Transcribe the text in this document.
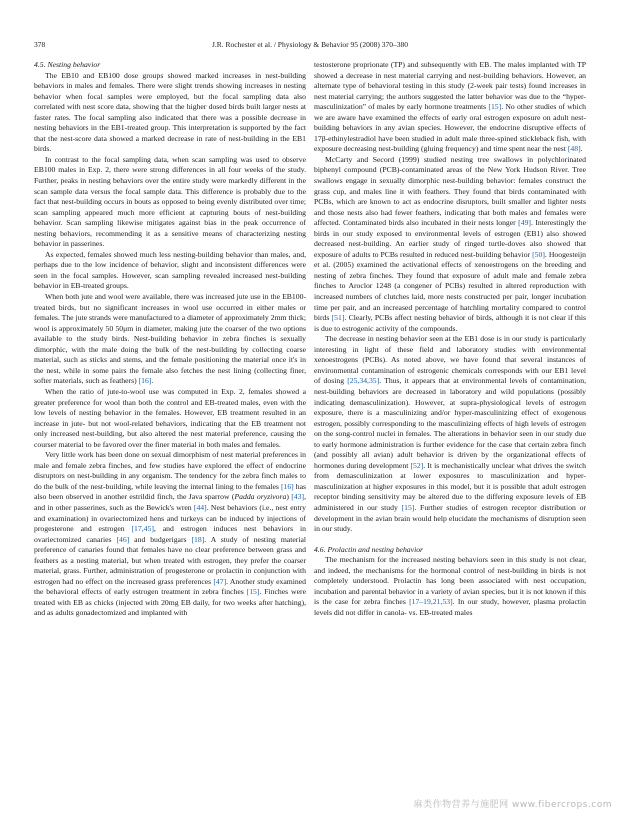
378	J.R. Rochester et al. / Physiology & Behavior 95 (2008) 370–380

4.5. Nesting behavior

The EB10 and EB100 dose groups showed marked increases in nest-building behaviors in males and females. There were slight trends showing increases in nesting behavior when focal samples were employed, but the focal sampling data also correlated with nest score data, showing that the higher dosed birds built larger nests at faster rates. The focal sampling also indicated that there was a possible decrease in nesting behaviors in the EB1-treated group. This interpretation is supported by the fact that the nest-score data showed a marked decrease in rate of nest-building in the EB1 birds.

In contrast to the focal sampling data, when scan sampling was used to observe EB100 males in Exp. 2, there were strong differences in all four weeks of the study. Further, peaks in nesting behaviors over the entire study were markedly different in the scan sample data versus the focal sample data. This difference is probably due to the fact that nest-building occurs in bouts as opposed to being evenly distributed over time; scan sampling appeared much more efficient at capturing bouts of nest-building behavior. Scan sampling likewise mitigates against bias in the peak occurrence of nesting behaviors, recommending it as a sensitive means of characterizing nesting behavior in passerines.

As expected, females showed much less nesting-building behavior than males, and, perhaps due to the low incidence of behavior, slight and inconsistent differences were seen in the focal samples. However, scan sampling revealed increased nest-building behavior in EB-treated groups.

When both jute and wool were available, there was increased jute use in the EB100-treated birds, but no significant increases in wool use occurred in either males or females. The jute strands were manufactured to a diameter of approximately 2mm thick; wool is approximately 50 50μm in diameter, making jute the coarser of the two options available to the study birds. Nest-building behavior in zebra finches is sexually dimorphic, with the male doing the bulk of the nest-building by collecting coarse material, such as sticks and stems, and the female positioning the material once it's in the nest, while in some pairs the female also fetches the nest lining (collecting finer, softer materials, such as feathers) [16].

When the ratio of jute-to-wool use was computed in Exp. 2, females showed a greater preference for wool than both the control and EB-treated males, even with the low levels of nesting behavior in the females. However, EB treatment resulted in an increase in jute- but not wool-related behaviors, indicating that the EB treatment not only increased nest-building, but also altered the nest material preference, causing the courser material to be favored over the finer material in both males and females.

Very little work has been done on sexual dimorphism of nest material preferences in male and female zebra finches, and few studies have explored the effect of endocrine disruptors on nest-building in any organism. The tendency for the zebra finch males to do the bulk of the nest-building, while leaving the internal lining to the females [16] has also been observed in another estrildid finch, the Java sparrow (Padda oryzivora) [43], and in other passerines, such as the Bewick's wren [44]. Nest behaviors (i.e., nest entry and examination) in ovariectomized hens and turkeys can be induced by injections of progesterone and estrogen [17,45], and estrogen induces nest behaviors in ovariectomized canaries [46] and budgerigars [18]. A study of nesting material preference of canaries found that females have no clear preference between grass and feathers as a nesting material, but when treated with estrogen, they prefer the coarser material, grass. Further, administration of progesterone or prolactin in conjunction with estrogen had no effect on the increased grass preferences [47]. Another study examined the behavioral effects of early estrogen treatment in zebra finches [15]. Finches were treated with EB as chicks (injected with 20mg EB daily, for two weeks after hatching), and as adults gonadectomized and implanted with

testosterone proprionate (TP) and subsequently with EB. The males implanted with TP showed a decrease in nest material carrying and nest-building behaviors. However, an alternate type of behavioral testing in this study (2-week pair tests) found increases in nest material carrying; the authors suggested the latter behavior was due to the “hyper-masculinization” of males by early hormone treatments [15]. No other studies of which we are aware have examined the effects of early oral estrogen exposure on adult nest-building behaviors in any avian species. However, the endocrine disruptive effects of 17β-ethinylestradiol have been studied in adult male three-spined stickleback fish, with exposure decreasing nest-building (gluing frequency) and time spent near the nest [48].

McCarty and Secord (1999) studied nesting tree swallows in polychlorinated biphenyl compound (PCB)-contaminated areas of the New York Hudson River. Tree swallows engage in sexually dimorphic nest-building behavior: females construct the grass cup, and males line it with feathers. They found that birds contaminated with PCBs, which are known to act as endocrine disruptors, built smaller and lighter nests and those nests also had fewer feathers, indicating that both males and females were affected. Contaminated birds also incubated in their nests longer [49]. Interestingly the birds in our study exposed to environmental levels of estrogen (EB1) also showed decreased nest-building. An earlier study of ringed turtle-doves also showed that exposure of adults to PCBs resulted in reduced nest-building behavior [50]. Hoogesteijn et al. (2005) examined the activational effects of xenoestrogens on the breeding and nesting of zebra finches. They found that exposure of adult male and female zebra finches to Aroclor 1248 (a congener of PCBs) resulted in altered reproduction with increased numbers of clutches laid, more nests constructed per pair, longer incubation time per pair, and an increased percentage of hatchling mortality compared to control birds [51]. Clearly, PCBs affect nesting behavior of birds, although it is not clear if this is due to estrogenic activity of the compounds.

The decrease in nesting behavior seen at the EB1 dose is in our study is particularly interesting in light of these field and laboratory studies with environmental xenoestrogens (PCBs). As noted above, we have found that several instances of environmental contamination of estrogenic chemicals corresponds with our EB1 level of dosing [25,34,35]. Thus, it appears that at environmental levels of contamination, nest-building behaviors are decreased in laboratory and wild populations (possibly indicating demasculinization). However, at supra-physiological levels of estrogen exposure, there is a masculinizing and/or hyper-masculinizing effect of exogenous estrogen, possibly corresponding to the masculinizing effects of high levels of estrogen on the song-control nuclei in females. The alterations in behavior seen in our study due to early hormone administration is further evidence for the case that certain zebra finch (and possibly all avian) adult behavior is driven by the organizational effects of hormones during development [52]. It is mechanistically unclear what drives the switch from demasculinization at lower exposures to masculinization and hyper-masculinization at higher exposures in this model, but it is possible that adult estrogen receptor binding sensitivity may be altered due to the differing exposure levels of EB administered in our study [15]. Further studies of estrogen receptor distribution or development in the avian brain would help elucidate the mechanisms of disruption seen in our study.

4.6. Prolactin and nesting behavior

The mechanism for the increased nesting behaviors seen in this study is not clear, and indeed, the mechanisms for the hormonal control of nest-building in birds is not completely understood. Prolactin has long been associated with nest occupation, incubation and parental behavior in a variety of avian species, but it is not known if this is the case for zebra finches [17–19,21,53]. In our study, however, plasma prolactin levels did not differ in canola- vs. EB-treated males

麻类作物营养与施肥网 www.fibercrops.com
